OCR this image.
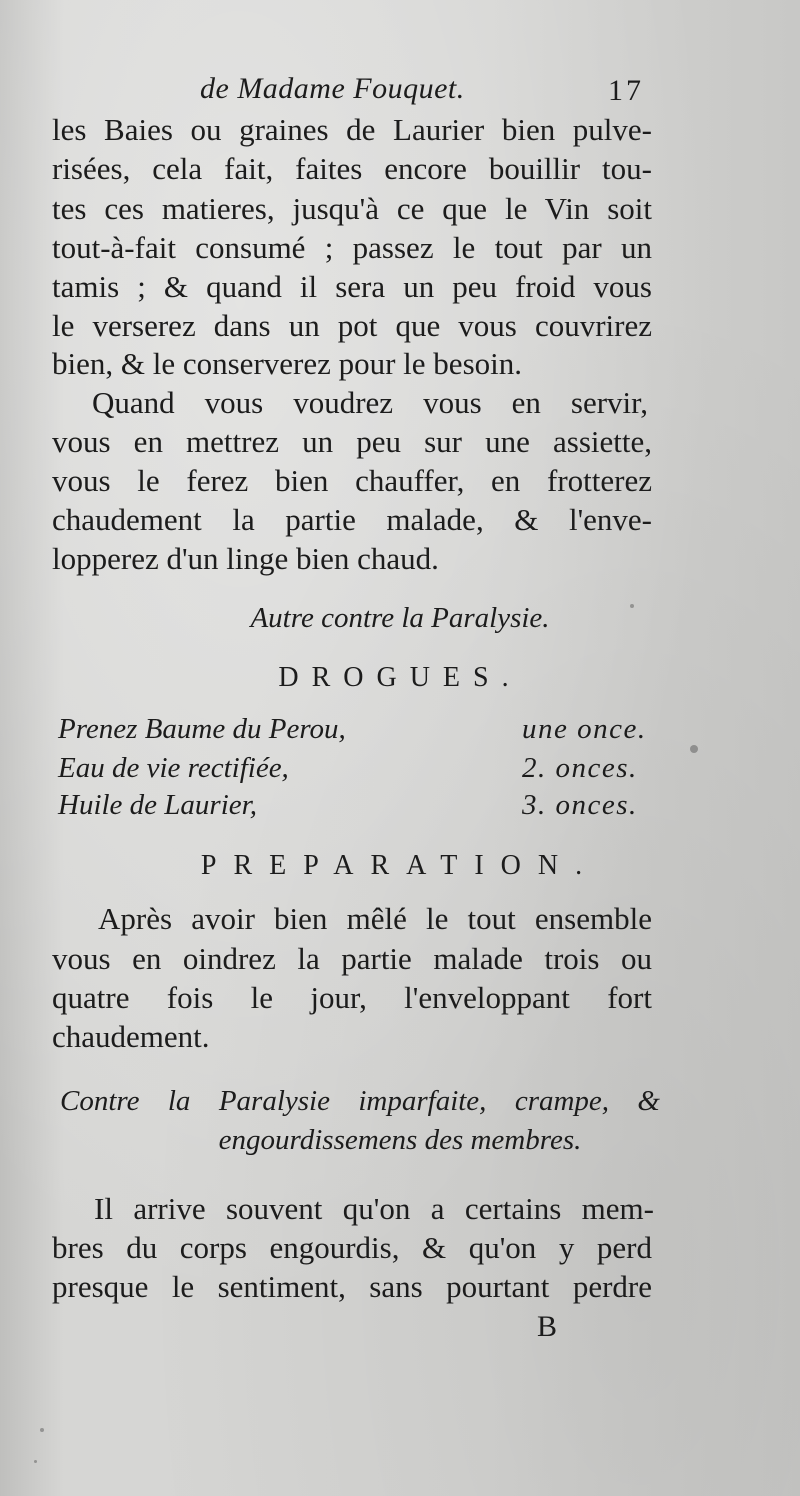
de Madame Fouquet.	17
les Baies ou graines de Laurier bien pulve-
risées, cela fait, faites encore bouillir tou-
tes ces matieres, jusqu'à ce que le Vin soit
tout-à-fait consumé ; passez le tout par un
tamis ; & quand il sera un peu froid vous
le verserez dans un pot que vous couvrirez
bien, & le conserverez pour le besoin.
Quand vous voudrez vous en servir,
vous en mettrez un peu sur une assiette,
vous le ferez bien chauffer, en frotterez
chaudement la partie malade, & l'enve-
lopperez d'un linge bien chaud.
Autre contre la Paralysie.
DROGUES.
Prenez Baume du Perou,	une once.
Eau de vie rectifiée,	2. onces.
Huile de Laurier,	3. onces.
PREPARATION.
Après avoir bien mêlé le tout ensemble
vous en oindrez la partie malade trois ou
quatre fois le jour, l'enveloppant fort
chaudement.
Contre la Paralysie imparfaite, crampe, &
engourdissemens des membres.
Il arrive souvent qu'on a certains mem-
bres du corps engourdis, & qu'on y perd
presque le sentiment, sans pourtant perdre
B
